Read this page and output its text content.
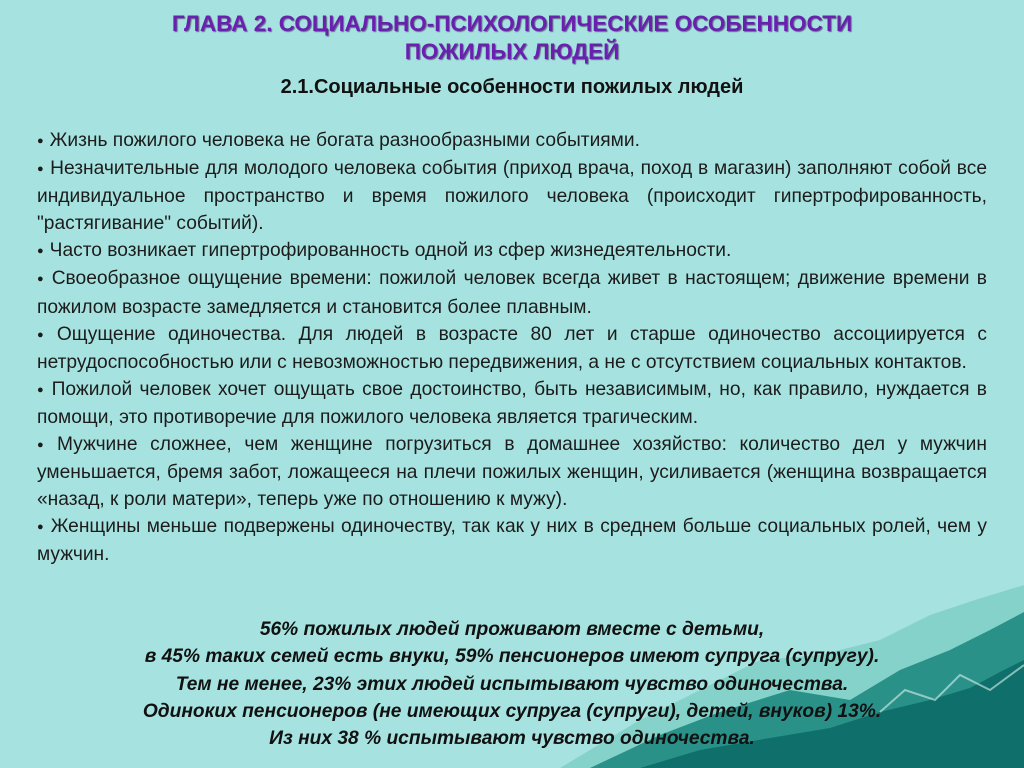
ГЛАВА 2. СОЦИАЛЬНО-ПСИХОЛОГИЧЕСКИЕ ОСОБЕННОСТИ
ПОЖИЛЫХ ЛЮДЕЙ
2.1.Социальные особенности пожилых людей
● Жизнь пожилого человека не богата разнообразными событиями.
● Незначительные для молодого человека события (приход врача, поход в магазин) заполняют собой все индивидуальное пространство и время пожилого человека (происходит гипертрофированность, "растягивание" событий).
● Часто возникает гипертрофированность одной из сфер жизнедеятельности.
● Своеобразное ощущение времени: пожилой человек всегда живет в настоящем; движение времени в пожилом возрасте замедляется и становится более плавным.
● Ощущение одиночества. Для людей в возрасте 80 лет и старше одиночество ассоциируется с нетрудоспособностью или с невозможностью передвижения, а не с отсутствием социальных контактов.
● Пожилой человек хочет ощущать свое достоинство, быть независимым, но, как правило, нуждается в помощи, это противоречие для пожилого человека является трагическим.
● Мужчине сложнее, чем женщине погрузиться в домашнее хозяйство: количество дел у мужчин уменьшается, бремя забот, ложащееся на плечи пожилых женщин, усиливается (женщина возвращается «назад, к роли матери», теперь уже по отношению к мужу).
● Женщины меньше подвержены одиночеству, так как у них в среднем больше социальных ролей, чем у мужчин.
56% пожилых людей проживают вместе с детьми,
в 45% таких семей есть внуки, 59% пенсионеров имеют супруга (супругу).
Тем не менее, 23% этих людей испытывают чувство одиночества.
Одиноких пенсионеров (не имеющих супруга (супруги), детей, внуков) 13%.
Из них 38 % испытывают чувство одиночества.
